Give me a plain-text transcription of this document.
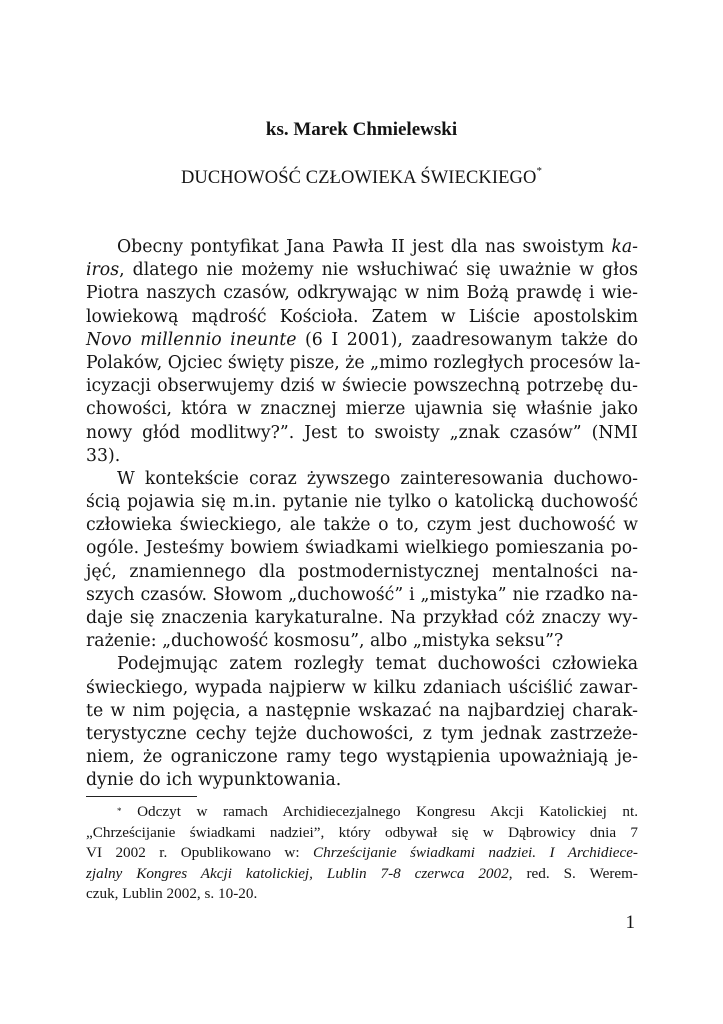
ks. Marek Chmielewski
DUCHOWOŚĆ CZŁOWIEKA ŚWIECKIEGO*
Obecny pontyfikat Jana Pawła II jest dla nas swoistym ka-
iros, dlatego nie możemy nie wsłuchiwać się uważnie w głos
Piotra naszych czasów, odkrywając w nim Bożą prawdę i wie-
lowiekową mądrość Kościoła. Zatem w Liście apostolskim
Novo millennio ineunte (6 I 2001), zaadresowanym także do
Polaków, Ojciec święty pisze, że „mimo rozległych procesów la-
icyzacji obserwujemy dziś w świecie powszechną potrzebę du-
chowości, która w znacznej mierze ujawnia się właśnie jako
nowy głód modlitwy?”. Jest to swoisty „znak czasów” (NMI
33).
W kontekście coraz żywszego zainteresowania duchowo-
ścią pojawia się m.in. pytanie nie tylko o katolicką duchowość
człowieka świeckiego, ale także o to, czym jest duchowość w
ogóle. Jesteśmy bowiem świadkami wielkiego pomieszania po-
jęć, znamiennego dla postmodernistycznej mentalności na-
szych czasów. Słowom „duchowość” i „mistyka” nie rzadko na-
daje się znaczenia karykaturalne. Na przykład cóż znaczy wy-
rażenie: „duchowość kosmosu”, albo „mistyka seksu”?
Podejmując zatem rozległy temat duchowości człowieka
świeckiego, wypada najpierw w kilku zdaniach uściślić zawar-
te w nim pojęcia, a następnie wskazać na najbardziej charak-
terystyczne cechy tejże duchowości, z tym jednak zastrzeże-
niem, że ograniczone ramy tego wystąpienia upoważniają je-
dynie do ich wypunktowania.
* Odczyt w ramach Archidiecezjalnego Kongresu Akcji Katolickiej nt.
„Chrześcijanie świadkami nadziei”, który odbywał się w Dąbrowicy dnia 7
VI 2002 r. Opublikowano w: Chrześcijanie świadkami nadziei. I Archidiece-
zjalny Kongres Akcji katolickiej, Lublin 7-8 czerwca 2002, red. S. Werem-
czuk, Lublin 2002, s. 10-20.
1
